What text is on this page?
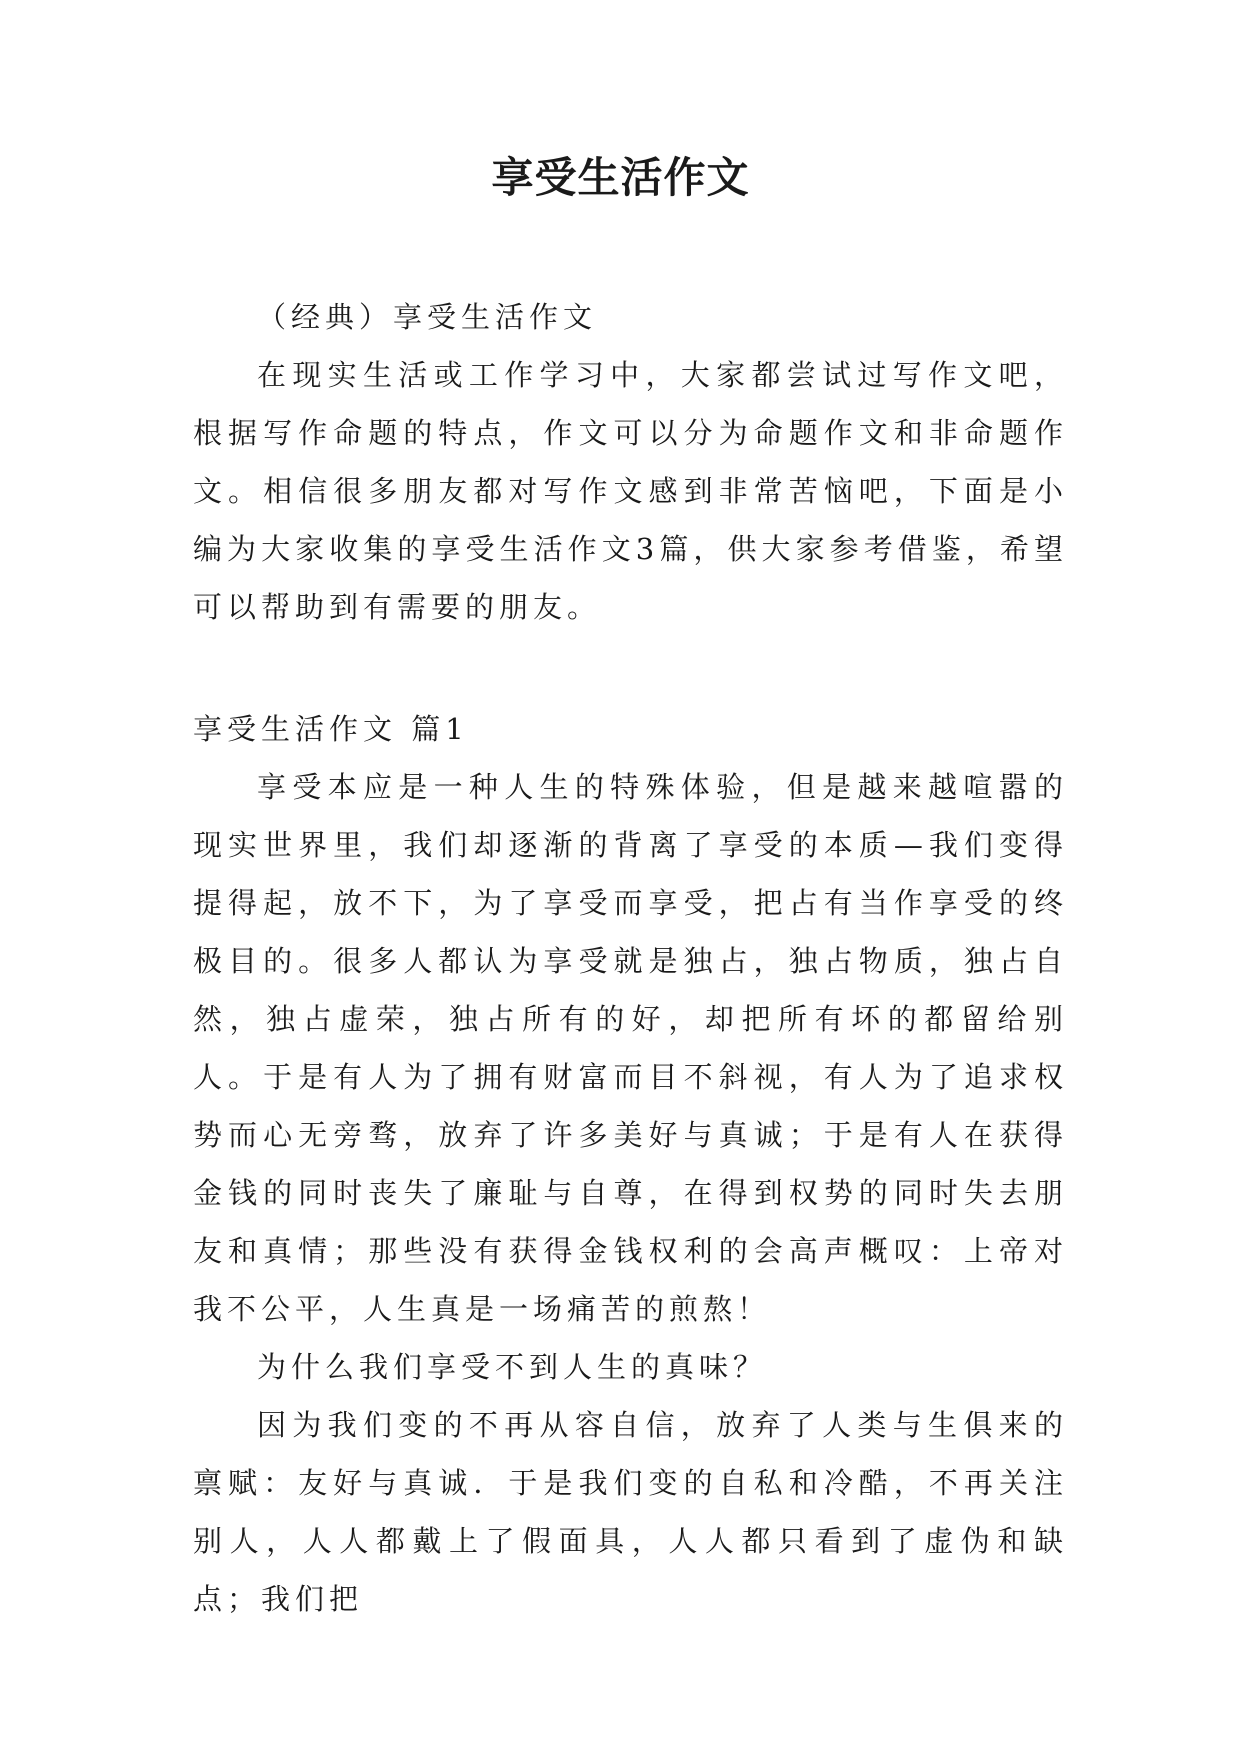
享受生活作文

（经典）享受生活作文

在现实生活或工作学习中，大家都尝试过写作文吧，根据写作命题的特点，作文可以分为命题作文和非命题作文。相信很多朋友都对写作文感到非常苦恼吧，下面是小编为大家收集的享受生活作文3篇，供大家参考借鉴，希望可以帮助到有需要的朋友。

享受生活作文 篇1

享受本应是一种人生的特殊体验，但是越来越喧嚣的现实世界里，我们却逐渐的背离了享受的本质—我们变得提得起，放不下，为了享受而享受，把占有当作享受的终极目的。很多人都认为享受就是独占，独占物质，独占自然，独占虚荣，独占所有的好，却把所有坏的都留给别人。于是有人为了拥有财富而目不斜视，有人为了追求权势而心无旁骛，放弃了许多美好与真诚；于是有人在获得金钱的同时丧失了廉耻与自尊，在得到权势的同时失去朋友和真情；那些没有获得金钱权利的会高声概叹：上帝对我不公平，人生真是一场痛苦的煎熬！

为什么我们享受不到人生的真味？

因为我们变的不再从容自信，放弃了人类与生俱来的禀赋：友好与真诚．于是我们变的自私和冷酷，不再关注别人，人人都戴上了假面具，人人都只看到了虚伪和缺点；我们把
